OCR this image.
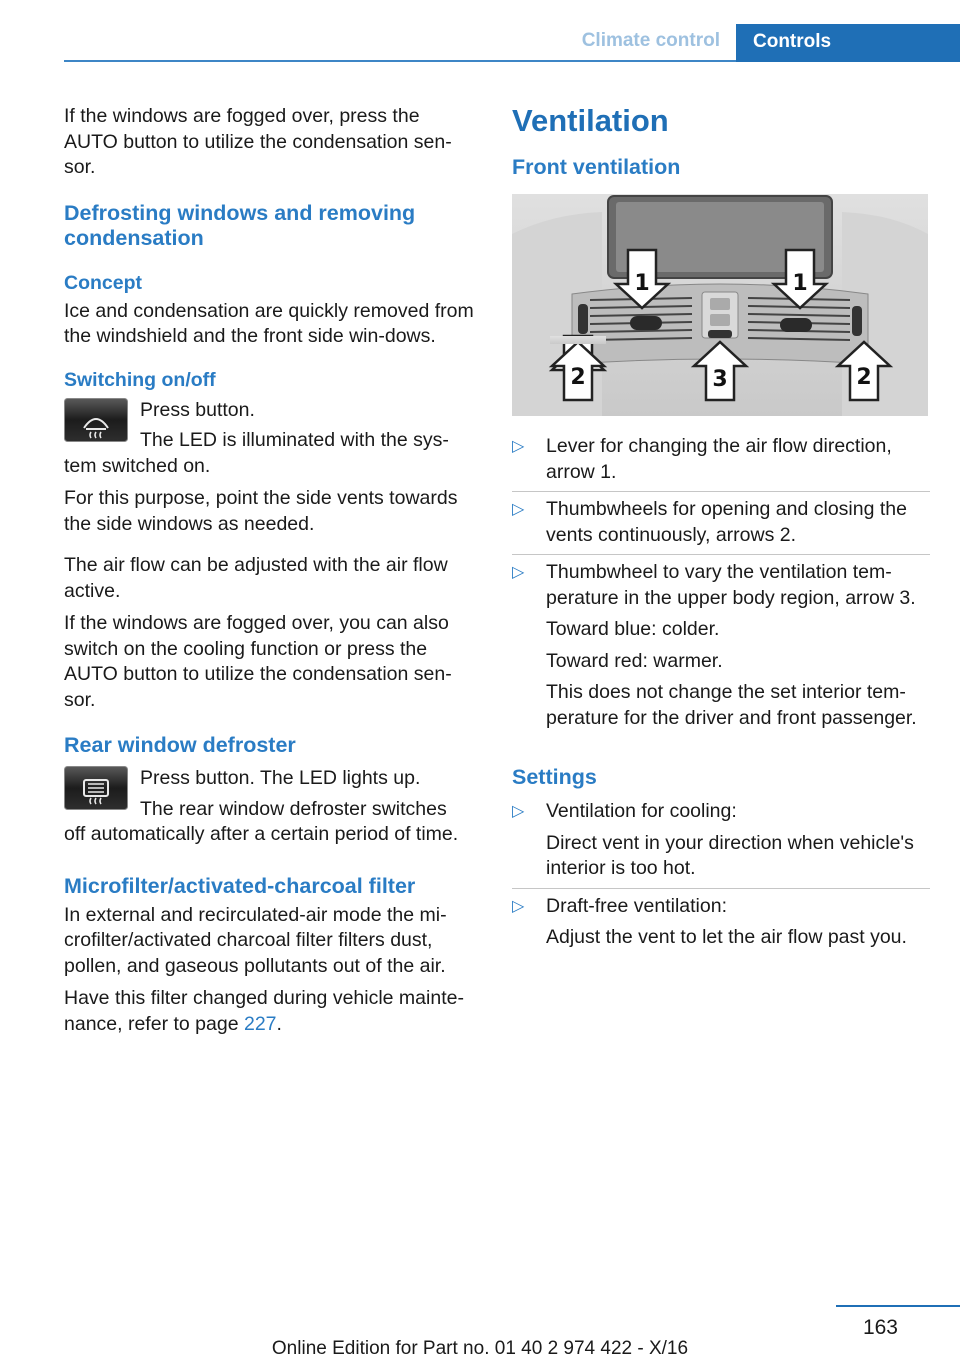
Climate control	Controls
If the windows are fogged over, press the AUTO button to utilize the condensation sen-sor.
Defrosting windows and removing condensation
Concept
Ice and condensation are quickly removed from the windshield and the front side win-dows.
Switching on/off
Press button.
The LED is illuminated with the sys-
tem switched on.
For this purpose, point the side vents towards the side windows as needed.
The air flow can be adjusted with the air flow active.
If the windows are fogged over, you can also switch on the cooling function or press the AUTO button to utilize the condensation sen-sor.
Rear window defroster
Press button. The LED lights up.
The rear window defroster switches
off automatically after a certain period of time.
Microfilter/activated-charcoal filter
In external and recirculated-air mode the mi-crofilter/activated charcoal filter filters dust, pollen, and gaseous pollutants out of the air.
Have this filter changed during vehicle mainte-nance, refer to page 227.
Ventilation
Front ventilation
1	1
2	3	2
▷	Lever for changing the air flow direction, arrow 1.
▷	Thumbwheels for opening and closing the vents continuously, arrows 2.
▷	Thumbwheel to vary the ventilation tem-perature in the upper body region, arrow 3.
Toward blue: colder.
Toward red: warmer.
This does not change the set interior tem-perature for the driver and front passenger.
Settings
▷	Ventilation for cooling:
Direct vent in your direction when vehicle's interior is too hot.
▷	Draft-free ventilation:
Adjust the vent to let the air flow past you.
163
Online Edition for Part no. 01 40 2 974 422 - X/16
